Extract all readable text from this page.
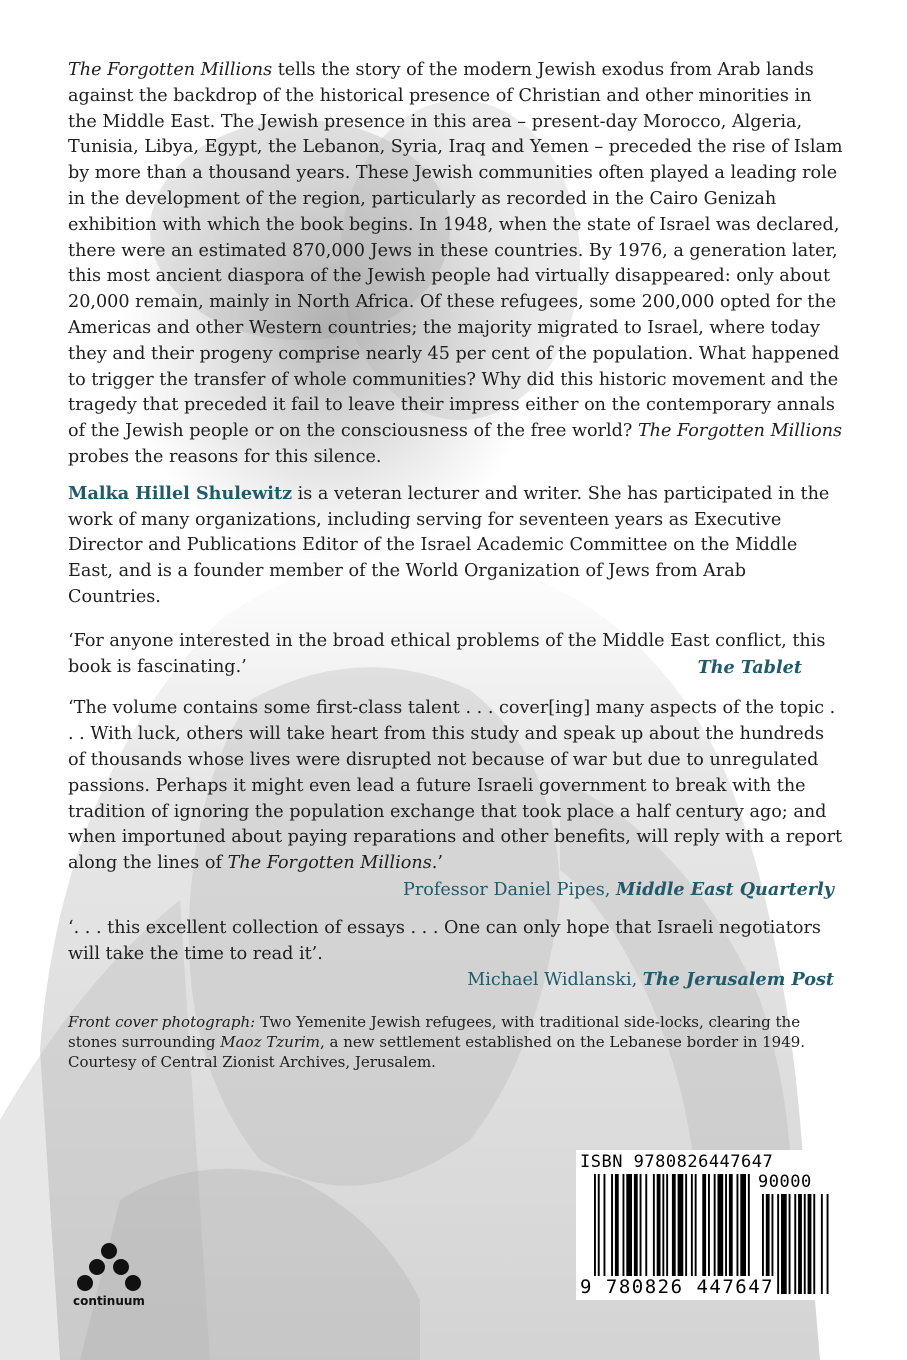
The Forgotten Millions tells the story of the modern Jewish exodus from Arab lands against the backdrop of the historical presence of Christian and other minorities in the Middle East. The Jewish presence in this area – present-day Morocco, Algeria, Tunisia, Libya, Egypt, the Lebanon, Syria, Iraq and Yemen – preceded the rise of Islam by more than a thousand years. These Jewish communities often played a leading role in the development of the region, particularly as recorded in the Cairo Genizah exhibition with which the book begins. In 1948, when the state of Israel was declared, there were an estimated 870,000 Jews in these countries. By 1976, a generation later, this most ancient diaspora of the Jewish people had virtually disappeared: only about 20,000 remain, mainly in North Africa. Of these refugees, some 200,000 opted for the Americas and other Western countries; the majority migrated to Israel, where today they and their progeny comprise nearly 45 per cent of the population. What happened to trigger the transfer of whole communities? Why did this historic movement and the tragedy that preceded it fail to leave their impress either on the contemporary annals of the Jewish people or on the consciousness of the free world? The Forgotten Millions probes the reasons for this silence.

Malka Hillel Shulewitz is a veteran lecturer and writer. She has participated in the work of many organizations, including serving for seventeen years as Executive Director and Publications Editor of the Israel Academic Committee on the Middle East, and is a founder member of the World Organization of Jews from Arab Countries.

‘For anyone interested in the broad ethical problems of the Middle East conflict, this book is fascinating.’	The Tablet

‘The volume contains some first-class talent . . . cover[ing] many aspects of the topic . . . With luck, others will take heart from this study and speak up about the hundreds of thousands whose lives were disrupted not because of war but due to unregulated passions. Perhaps it might even lead a future Israeli government to break with the tradition of ignoring the population exchange that took place a half century ago; and when importuned about paying reparations and other benefits, will reply with a report along the lines of The Forgotten Millions.’

Professor Daniel Pipes, Middle East Quarterly

‘. . . this excellent collection of essays . . . One can only hope that Israeli negotiators will take the time to read it’.

Michael Widlanski, The Jerusalem Post

Front cover photograph: Two Yemenite Jewish refugees, with traditional side-locks, clearing the stones surrounding Maoz Tzurim, a new settlement established on the Lebanese border in 1949. Courtesy of Central Zionist Archives, Jerusalem.

ISBN 9780826447647
90000
9 780826 447647
continuum
